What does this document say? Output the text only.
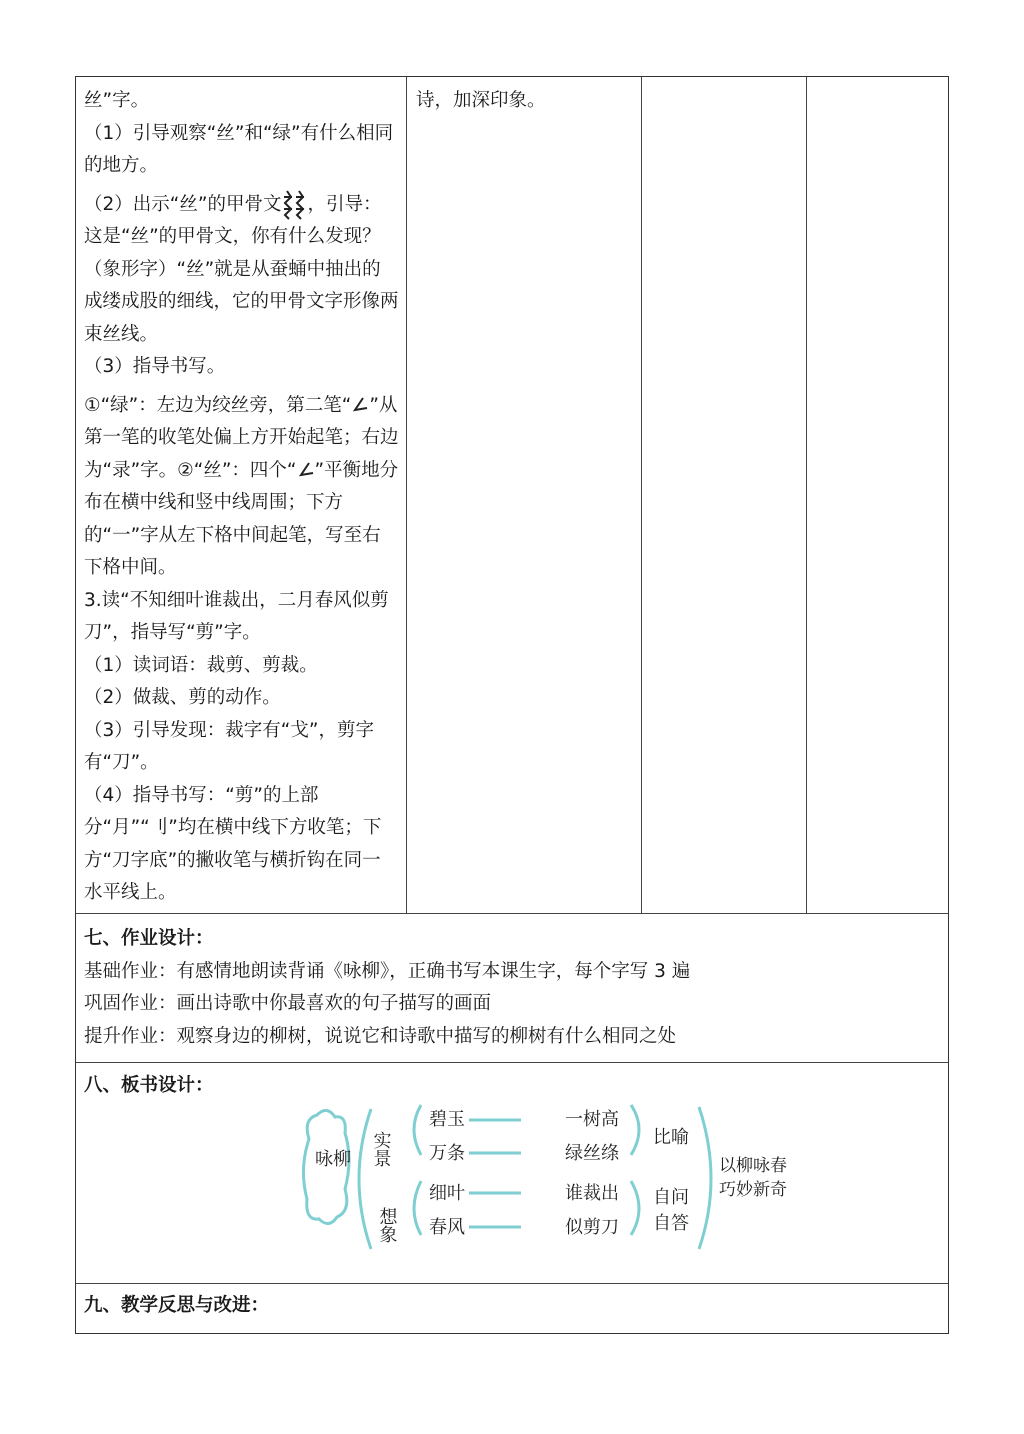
丝”字。

（1）引导观察“丝”和“绿”有什么相同的地方。

（2）出示“丝”的甲骨文 ，引导：这是“丝”的甲骨文，你有什么发现？（象形字）“丝”就是从蚕蛹中抽出的成缕成股的细线，它的甲骨文字形像两束丝线。

（3）指导书写。

①“绿”：左边为绞丝旁，第二笔“ ”从第一笔的收笔处偏上方开始起笔；右边为“录”字。②“丝”：四个“ ”平衡地分布在横中线和竖中线周围；下方的“一”字从左下格中间起笔，写至右下格中间。

3.读“不知细叶谁裁出，二月春风似剪刀”，指导写“剪”字。

（1）读词语：裁剪、剪裁。

（2）做裁、剪的动作。

（3）引导发现：裁字有“戈”，剪字有“刀”。

（4）指导书写：“剪”的上部分“月”“刂”均在横中线下方收笔；下方“刀字底”的撇收笔与横折钩在同一水平线上。

诗，加深印象。

七、作业设计：

基础作业：有感情地朗读背诵《咏柳》，正确书写本课生字，每个字写 3 遍

巩固作业：画出诗歌中你最喜欢的句子描写的画面

提升作业：观察身边的柳树，说说它和诗歌中描写的柳树有什么相同之处

八、板书设计：
咏柳 实景
想象
碧玉
万条
细叶
春风
一树高
绿丝绦
谁裁出
似剪刀
比喻
自问
自答
以柳咏春
巧妙新奇
九、教学反思与改进：
